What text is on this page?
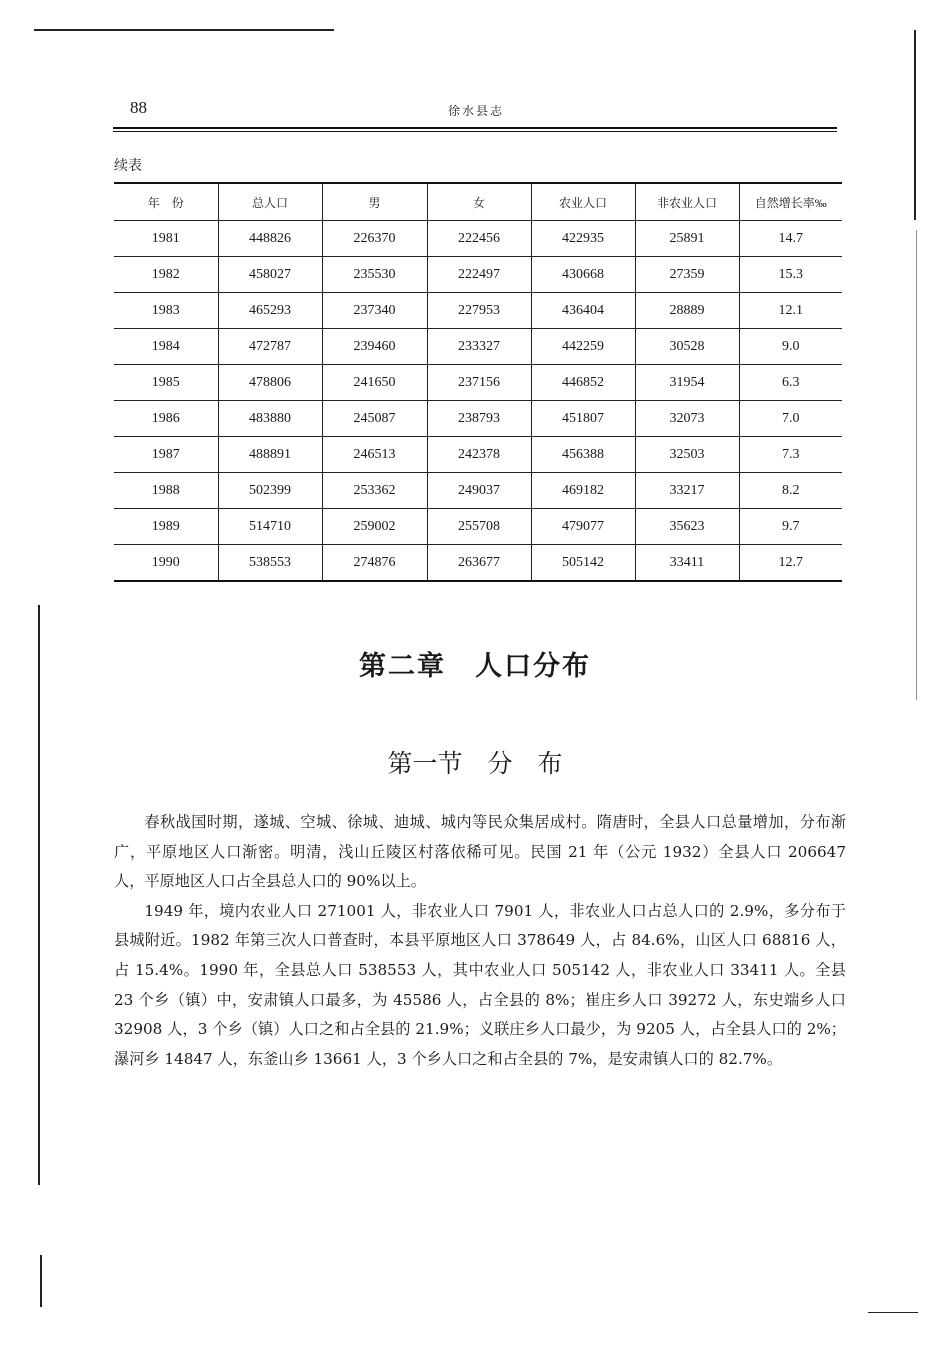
88	徐水县志
续表
年　份	总人口	男	女	农业人口	非农业人口	自然增长率‰
1981	448826	226370	222456	422935	25891	14.7
1982	458027	235530	222497	430668	27359	15.3
1983	465293	237340	227953	436404	28889	12.1
1984	472787	239460	233327	442259	30528	9.0
1985	478806	241650	237156	446852	31954	6.3
1986	483880	245087	238793	451807	32073	7.0
1987	488891	246513	242378	456388	32503	7.3
1988	502399	253362	249037	469182	33217	8.2
1989	514710	259002	255708	479077	35623	9.7
1990	538553	274876	263677	505142	33411	12.7
第二章　人口分布
第一节　分　布

春秋战国时期，遂城、空城、徐城、迪城、城内等民众集居成村。隋唐时，全县人口总量增加，分布渐广，平原地区人口渐密。明清，浅山丘陵区村落依稀可见。民国 21 年（公元 1932）全县人口 206647 人，平原地区人口占全县总人口的 90%以上。

1949 年，境内农业人口 271001 人，非农业人口 7901 人，非农业人口占总人口的 2.9%，多分布于县城附近。1982 年第三次人口普查时，本县平原地区人口 378649 人，占 84.6%，山区人口 68816 人，占 15.4%。1990 年，全县总人口 538553 人，其中农业人口 505142 人，非农业人口 33411 人。全县 23 个乡（镇）中，安肃镇人口最多，为 45586 人，占全县的 8%；崔庄乡人口 39272 人，东史端乡人口 32908 人，3 个乡（镇）人口之和占全县的 21.9%；义联庄乡人口最少，为 9205 人，占全县人口的 2%；瀑河乡 14847 人，东釜山乡 13661 人，3 个乡人口之和占全县的 7%，是安肃镇人口的 82.7%。
